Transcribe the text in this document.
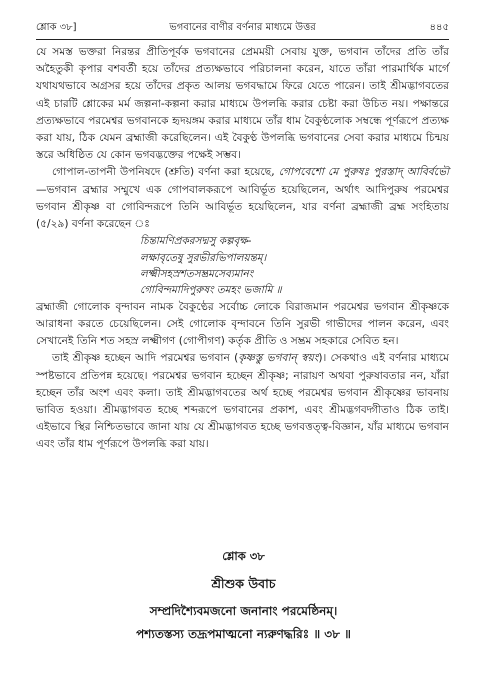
শ্লোক ৩৮]	ভগবানের বাণীর বর্ণনার মাধ্যমে উত্তর	৪৪৫

যে সমস্ত ভক্তরা নিরন্তর প্রীতিপূর্বক ভগবানের প্রেমময়ী সেবায় যুক্ত, ভগবান তাঁদের প্রতি তাঁর অহৈতুকী কৃপার বশবর্তী হয়ে তাঁদের প্রত্যক্ষভাবে পরিচালনা করেন, যাতে তাঁরা পারমার্থিক মার্গে যথাযথভাবে অগ্রসর হয়ে তাঁদের প্রকৃত আলয় ভগবদ্ধামে ফিরে যেতে পারেন। তাই শ্রীমদ্ভাগবতের এই চারটি শ্লোকের মর্ম জল্পনা-কল্পনা করার মাধ্যমে উপলব্ধি করার চেষ্টা করা উচিত নয়। পক্ষান্তরে প্রত্যক্ষভাবে পরমেশ্বর ভগবানকে হৃদয়ঙ্গম করার মাধ্যমে তাঁর ধাম বৈকুণ্ঠলোক সম্বন্ধে পূর্ণরূপে প্রত্যক্ষ করা যায়, ঠিক যেমন ব্রহ্মাজী করেছিলেন। এই বৈকুণ্ঠ উপলব্ধি ভগবানের সেবা করার মাধ্যমে চিন্ময় স্তরে অধিষ্ঠিত যে কোন ভগবদ্ভক্তের পক্ষেই সম্ভব।

গোপাল-তাপনী উপনিষদে (শ্রুতি) বর্ণনা করা হয়েছে, গোপবেশো মে পুরুষঃ পুরস্তাদ্ আবির্বভৌ—ভগবান ব্রহ্মার সম্মুখে এক গোপবালকরূপে আবির্ভূত হয়েছিলেন, অর্থাৎ আদিপুরুষ পরমেশ্বর ভগবান শ্রীকৃষ্ণ বা গোবিন্দরূপে তিনি আবির্ভূত হয়েছিলেন, যার বর্ণনা ব্রহ্মাজী ব্রহ্ম সংহিতায় (৫/২৯) বর্ণনা করেছেন ঃ

চিন্তামণিপ্রকরসদ্মসু কল্পবৃক্ষ-
লক্ষাবৃতেষু সুরভীরভিপালয়ন্তম্।
লক্ষ্মীসহস্রশতসম্ভ্রমসেব্যমানং
গোবিন্দমাদিপুরুষং তমহং ভজামি ॥

ব্রহ্মাজী গোলোক বৃন্দাবন নামক বৈকুণ্ঠের সর্বোচ্চ লোকে বিরাজমান পরমেশ্বর ভগবান শ্রীকৃষ্ণকে আরাধনা করতে চেয়েছিলেন। সেই গোলোক বৃন্দাবনে তিনি সুরভী গাভীদের পালন করেন, এবং সেখানেই তিনি শত সহস্র লক্ষ্মীগণ (গোপীগণ) কর্তৃক প্রীতি ও সম্ভ্রম সহকারে সেবিত হন।

তাই শ্রীকৃষ্ণ হচ্ছেন আদি পরমেশ্বর ভগবান (কৃষ্ণস্তু ভগবান্ স্বয়ং)। সেকথাও এই বর্ণনার মাধ্যমে স্পষ্টভাবে প্রতিপন্ন হয়েছে। পরমেশ্বর ভগবান হচ্ছেন শ্রীকৃষ্ণ; নারায়ণ অথবা পুরুষাবতার নন, যাঁরা হচ্ছেন তাঁর অংশ এবং কলা। তাই শ্রীমদ্ভাগবতের অর্থ হচ্ছে পরমেশ্বর ভগবান শ্রীকৃষ্ণের ভাবনায় ভাবিত হওয়া। শ্রীমদ্ভাগবত হচ্ছে শব্দরূপে ভগবানের প্রকাশ, এবং শ্রীমদ্ভগবদ্গীতাও ঠিক তাই। এইভাবে স্থির নিশ্চিতভাবে জানা যায় যে শ্রীমদ্ভাগবত হচ্ছে ভগবত্তত্ত্ব-বিজ্ঞান, যাঁর মাধ্যমে ভগবান এবং তাঁর ধাম পূর্ণরূপে উপলব্ধি করা যায়।

শ্লোক ৩৮
শ্রীশুক উবাচ
সম্প্রদিশ্যৈবমজনো জনানাং পরমেষ্ঠিনম্।
পশ্যতস্তস্য তদ্রূপমাত্মনো ন্যরুণদ্ধরিঃ ॥ ৩৮ ॥
